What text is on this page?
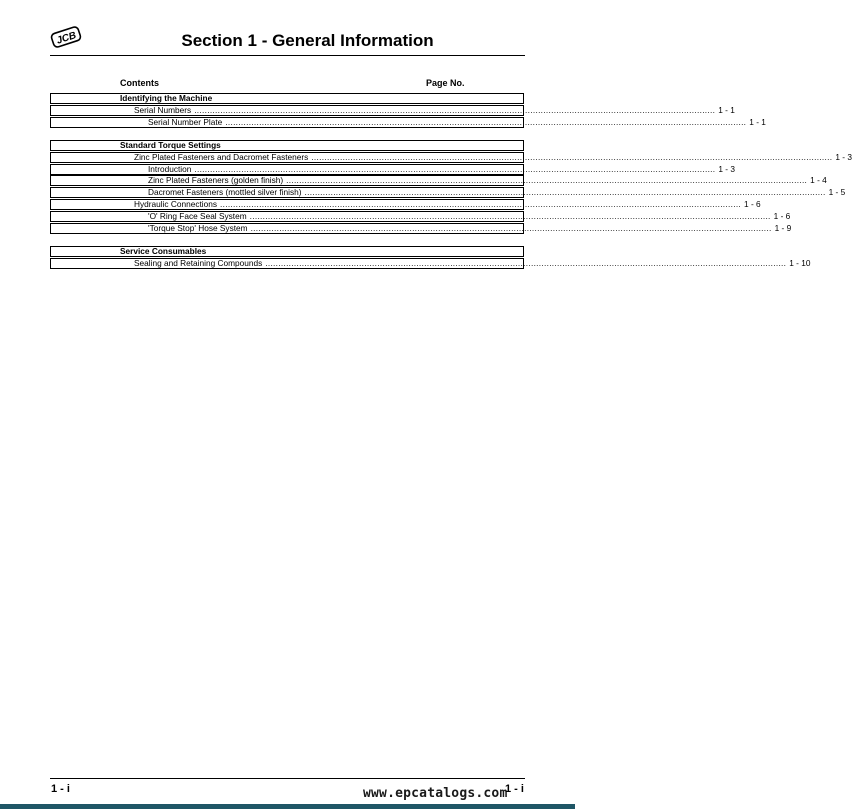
JCB	Section 1 - General Information
Contents	Page No.
Identifying the Machine
Serial Numbers ........................................................................................................................................................................................................ 1 - 1
Serial Number Plate ........................................................................................................................................................................................................ 1 - 1
Standard Torque Settings
Zinc Plated Fasteners and Dacromet Fasteners ........................................................................................................................................................................................................ 1 - 3
Introduction ........................................................................................................................................................................................................ 1 - 3
Zinc Plated Fasteners (golden finish) ........................................................................................................................................................................................................ 1 - 4
Dacromet Fasteners (mottled silver finish) ........................................................................................................................................................................................................ 1 - 5
Hydraulic Connections ........................................................................................................................................................................................................ 1 - 6
'O' Ring Face Seal System ........................................................................................................................................................................................................ 1 - 6
'Torque Stop' Hose System ........................................................................................................................................................................................................ 1 - 9
Service Consumables
Sealing and Retaining Compounds ........................................................................................................................................................................................................ 1 - 10
1 - i	www.epcatalogs.com
1 - i
